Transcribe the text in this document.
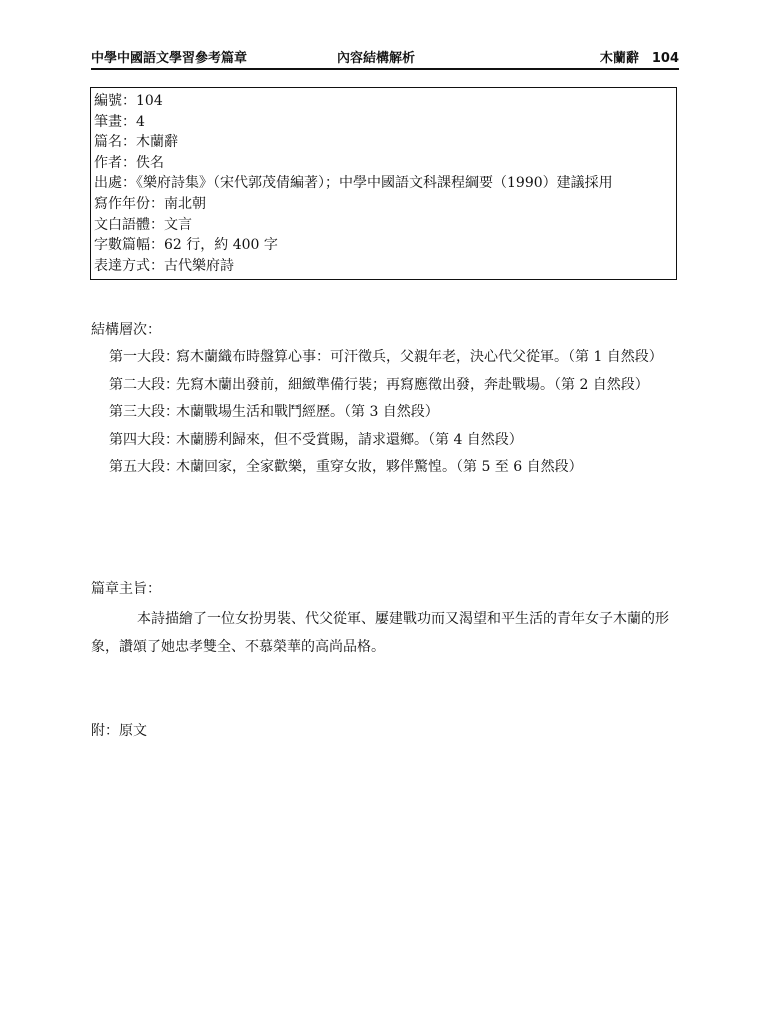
中學中國語文學習參考篇章	內容結構解析	木蘭辭　104
編號：104
筆畫：4
篇名：木蘭辭
作者：佚名
出處：《樂府詩集》（宋代郭茂倩編著）；中學中國語文科課程綱要（1990）建議採用
寫作年份：南北朝
文白語體：文言
字數篇幅：62 行，約 400 字
表達方式：古代樂府詩
結構層次：
第一大段：
寫木蘭織布時盤算心事：可汗徵兵，父親年老，決心代父從軍。（第 1 自然段）
第二大段：
先寫木蘭出發前，細緻準備行裝；再寫應徵出發，奔赴戰場。（第 2 自然段）
第三大段：
木蘭戰場生活和戰鬥經歷。（第 3 自然段）
第四大段：
木蘭勝利歸來，但不受賞賜，請求還鄉。（第 4 自然段）
第五大段：
木蘭回家，全家歡樂，重穿女妝，夥伴驚惶。（第 5 至 6 自然段）
篇章主旨：
本詩描繪了一位女扮男裝、代父從軍、屢建戰功而又渴望和平生活的青年女子木蘭的形象，讚頌了她忠孝雙全、不慕榮華的高尚品格。
附：原文
